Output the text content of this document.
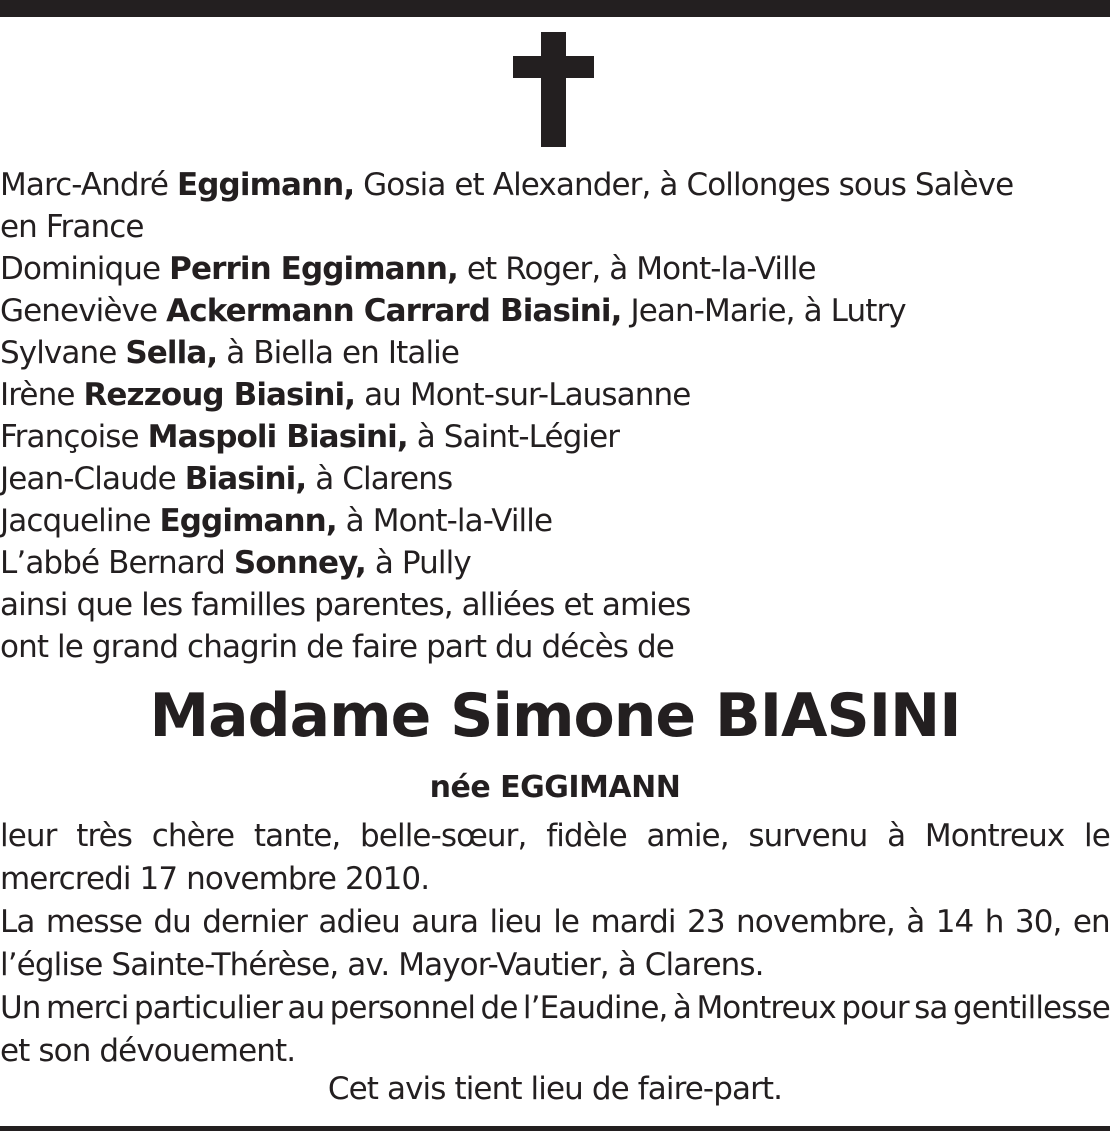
Marc-André Eggimann, Gosia et Alexander, à Collonges sous Salève
en France
Dominique Perrin Eggimann, et Roger, à Mont-la-Ville
Geneviève Ackermann Carrard Biasini, Jean-Marie, à Lutry
Sylvane Sella, à Biella en Italie
Irène Rezzoug Biasini, au Mont-sur-Lausanne
Françoise Maspoli Biasini, à Saint-Légier
Jean-Claude Biasini, à Clarens
Jacqueline Eggimann, à Mont-la-Ville
L’abbé Bernard Sonney, à Pully
ainsi que les familles parentes, alliées et amies
ont le grand chagrin de faire part du décès de
Madame Simone BIASINI
née EGGIMANN
leur très chère tante, belle-sœur, fidèle amie, survenu à Montreux le
mercredi 17 novembre 2010.
La messe du dernier adieu aura lieu le mardi 23 novembre, à 14 h 30, en
l’église Sainte-Thérèse, av. Mayor-Vautier, à Clarens.
Un merci particulier au personnel de l’Eaudine, à Montreux pour sa gentillesse
et son dévouement.
Cet avis tient lieu de faire-part.
